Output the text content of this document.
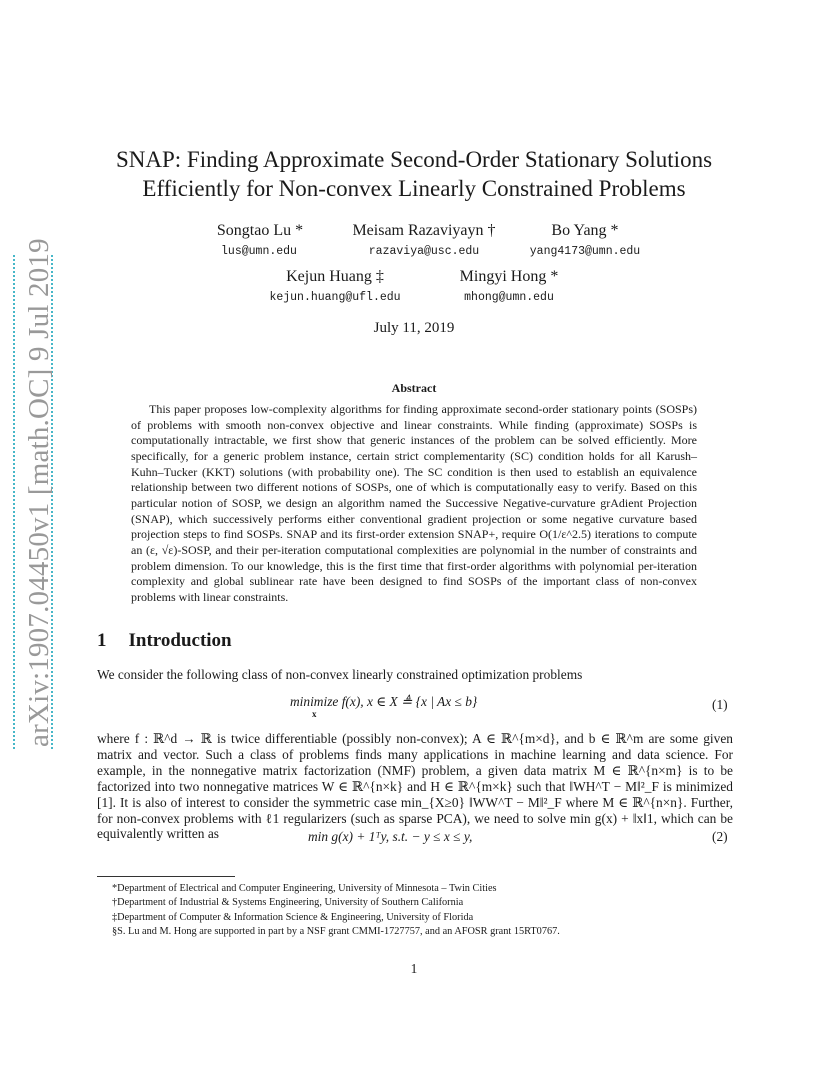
arXiv:1907.04450v1 [math.OC] 9 Jul 2019
SNAP: Finding Approximate Second-Order Stationary Solutions
Efficiently for Non-convex Linearly Constrained Problems
Songtao Lu *
lus@umn.edu
Meisam Razaviyayn †
razaviya@usc.edu
Bo Yang *
yang4173@umn.edu
Kejun Huang ‡
kejun.huang@ufl.edu
Mingyi Hong *
mhong@umn.edu
July 11, 2019
Abstract
This paper proposes low-complexity algorithms for finding approximate second-order stationary points (SOSPs) of problems with smooth non-convex objective and linear constraints. While finding (approximate) SOSPs is computationally intractable, we first show that generic instances of the problem can be solved efficiently. More specifically, for a generic problem instance, certain strict complementarity (SC) condition holds for all Karush–Kuhn–Tucker (KKT) solutions (with probability one). The SC condition is then used to establish an equivalence relationship between two different notions of SOSPs, one of which is computationally easy to verify. Based on this particular notion of SOSP, we design an algorithm named the Successive Negative-curvature grAdient Projection (SNAP), which successively performs either conventional gradient projection or some negative curvature based projection steps to find SOSPs. SNAP and its first-order extension SNAP+, require O(1/ε^2.5) iterations to compute an (ε, √ε)-SOSP, and their per-iteration computational complexities are polynomial in the number of constraints and problem dimension. To our knowledge, this is the first time that first-order algorithms with polynomial per-iteration complexity and global sublinear rate have been designed to find SOSPs of the important class of non-convex problems with linear constraints.
1 Introduction
We consider the following class of non-convex linearly constrained optimization problems
minimize f(x), x ∈ X ≜ {x | Ax ≤ b}
x
(1)
where f : ℝ^d → ℝ is twice differentiable (possibly non-convex); A ∈ ℝ^{m×d}, and b ∈ ℝ^m are some given matrix and vector. Such a class of problems finds many applications in machine learning and data science. For example, in the nonnegative matrix factorization (NMF) problem, a given data matrix M ∈ ℝ^{n×m} is to be factorized into two nonnegative matrices W ∈ ℝ^{n×k} and H ∈ ℝ^{m×k} such that ‖WH^T − M‖²_F is minimized [1]. It is also of interest to consider the symmetric case min_{X≥0} ‖WW^T − M‖²_F where M ∈ ℝ^{n×n}. Further, for non-convex problems with ℓ1 regularizers (such as sparse PCA), we need to solve min g(x) + ‖x‖1, which can be equivalently written as	min g(x) + 1ᵀy, s.t. − y ≤ x ≤ y,	(2)
*Department of Electrical and Computer Engineering, University of Minnesota – Twin Cities
†Department of Industrial & Systems Engineering, University of Southern California
‡Department of Computer & Information Science & Engineering, University of Florida
§S. Lu and M. Hong are supported in part by a NSF grant CMMI-1727757, and an AFOSR grant 15RT0767.
1
